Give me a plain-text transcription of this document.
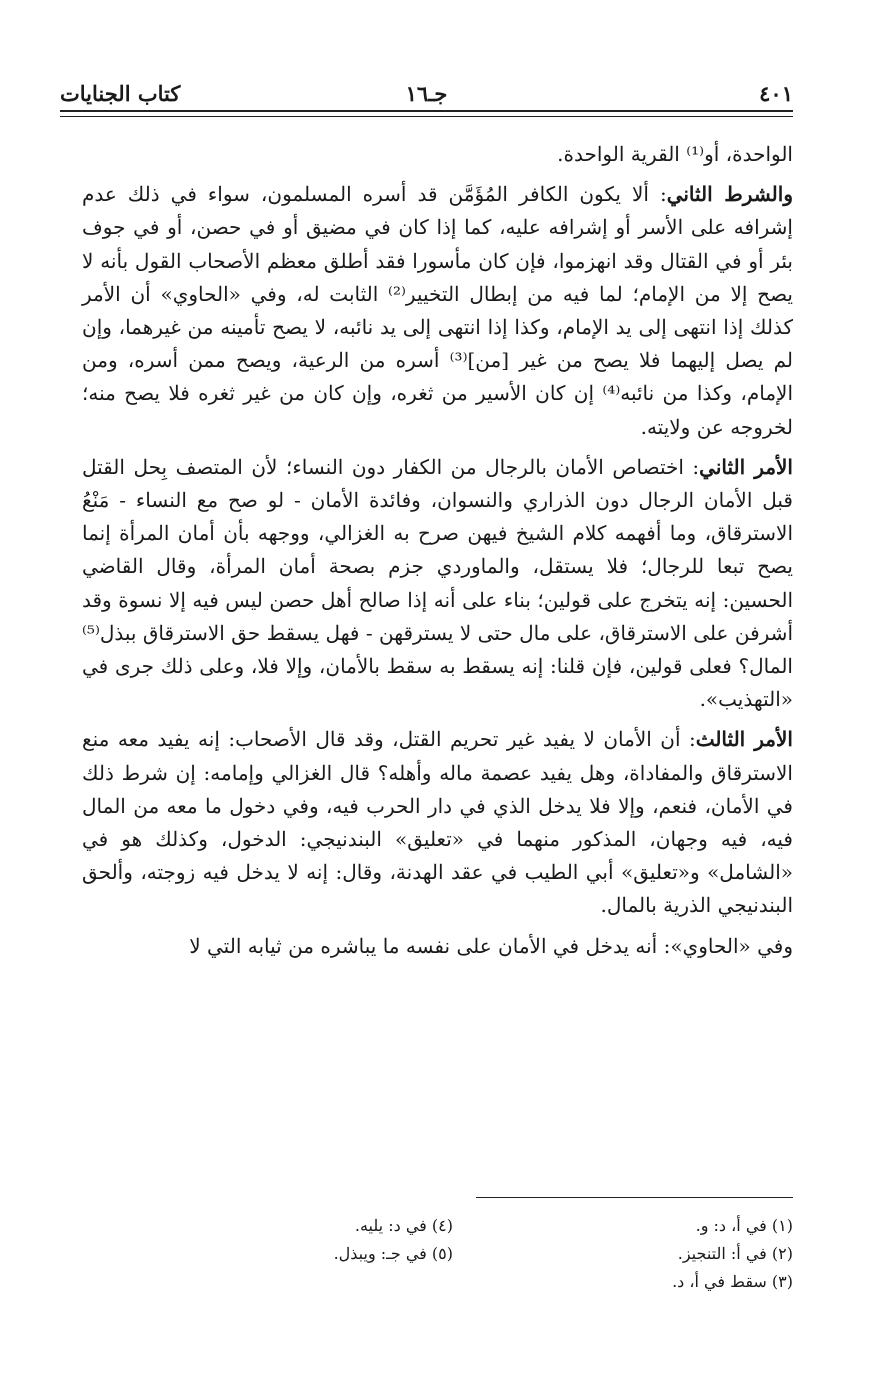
٤٠١
جـ١٦
كتاب الجنايات

الواحدة، أو⁽¹⁾ القرية الواحدة.

والشرط الثاني: ألا يكون الكافر المُؤَمَّن قد أسره المسلمون، سواء في ذلك عدم إشرافه على الأسر أو إشرافه عليه، كما إذا كان في مضيق أو في حصن، أو في جوف بئر أو في القتال وقد انهزموا، فإن كان مأسورا فقد أطلق معظم الأصحاب القول بأنه لا يصح إلا من الإمام؛ لما فيه من إبطال التخيير⁽²⁾ الثابت له، وفي «الحاوي» أن الأمر كذلك إذا انتهى إلى يد الإمام، وكذا إذا انتهى إلى يد نائبه، لا يصح تأمينه من غيرهما، وإن لم يصل إليهما فلا يصح من غير [من]⁽³⁾ أسره من الرعية، ويصح ممن أسره، ومن الإمام، وكذا من نائبه⁽⁴⁾ إن كان الأسير من ثغره، وإن كان من غير ثغره فلا يصح منه؛ لخروجه عن ولايته.

الأمر الثاني: اختصاص الأمان بالرجال من الكفار دون النساء؛ لأن المتصف بِحل القتل قبل الأمان الرجال دون الذراري والنسوان، وفائدة الأمان - لو صح مع النساء - مَنْعُ الاسترقاق، وما أفهمه كلام الشيخ فيهن صرح به الغزالي، ووجهه بأن أمان المرأة إنما يصح تبعا للرجال؛ فلا يستقل، والماوردي جزم بصحة أمان المرأة، وقال القاضي الحسين: إنه يتخرج على قولين؛ بناء على أنه إذا صالح أهل حصن ليس فيه إلا نسوة وقد أشرفن على الاسترقاق، على مال حتى لا يسترقهن - فهل يسقط حق الاسترقاق ببذل⁽⁵⁾ المال؟ فعلى قولين، فإن قلنا: إنه يسقط به سقط بالأمان، وإلا فلا، وعلى ذلك جرى في «التهذيب».

الأمر الثالث: أن الأمان لا يفيد غير تحريم القتل، وقد قال الأصحاب: إنه يفيد معه منع الاسترقاق والمفاداة، وهل يفيد عصمة ماله وأهله؟ قال الغزالي وإمامه: إن شرط ذلك في الأمان، فنعم، وإلا فلا يدخل الذي في دار الحرب فيه، وفي دخول ما معه من المال فيه، فيه وجهان، المذكور منهما في «تعليق» البندنيجي: الدخول، وكذلك هو في «الشامل» و«تعليق» أبي الطيب في عقد الهدنة، وقال: إنه لا يدخل فيه زوجته، وألحق البندنيجي الذرية بالمال.

وفي «الحاوي»: أنه يدخل في الأمان على نفسه ما يباشره من ثيابه التي لا

(١) في أ، د: و.
(٢) في أ: التنجيز.
(٣) سقط في أ، د.
(٤) في د: يليه.
(٥) في جـ: ويبذل.
